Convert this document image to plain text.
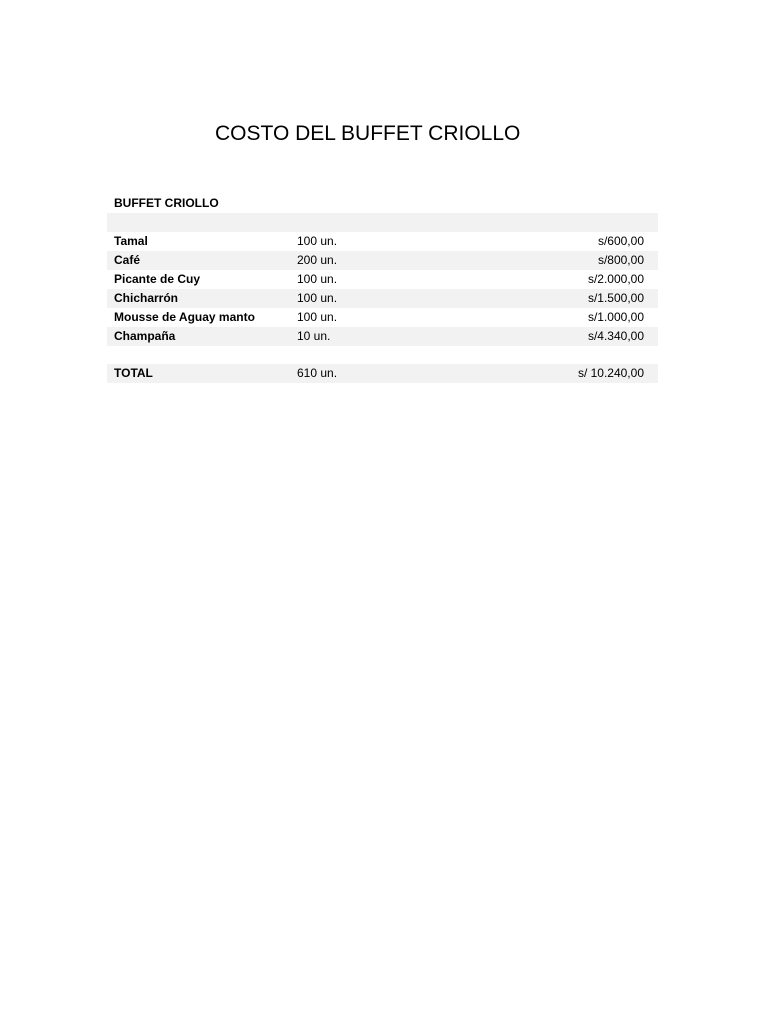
COSTO DEL BUFFET CRIOLLO
BUFFET CRIOLLO
Tamal	100 un.	s/600,00
Café	200 un.	s/800,00
Picante de Cuy	100 un.	s/2.000,00
Chicharrón	100 un.	s/1.500,00
Mousse de Aguay manto	100 un.	s/1.000,00
Champaña	10 un.	s/4.340,00
TOTAL	610 un.	s/ 10.240,00
